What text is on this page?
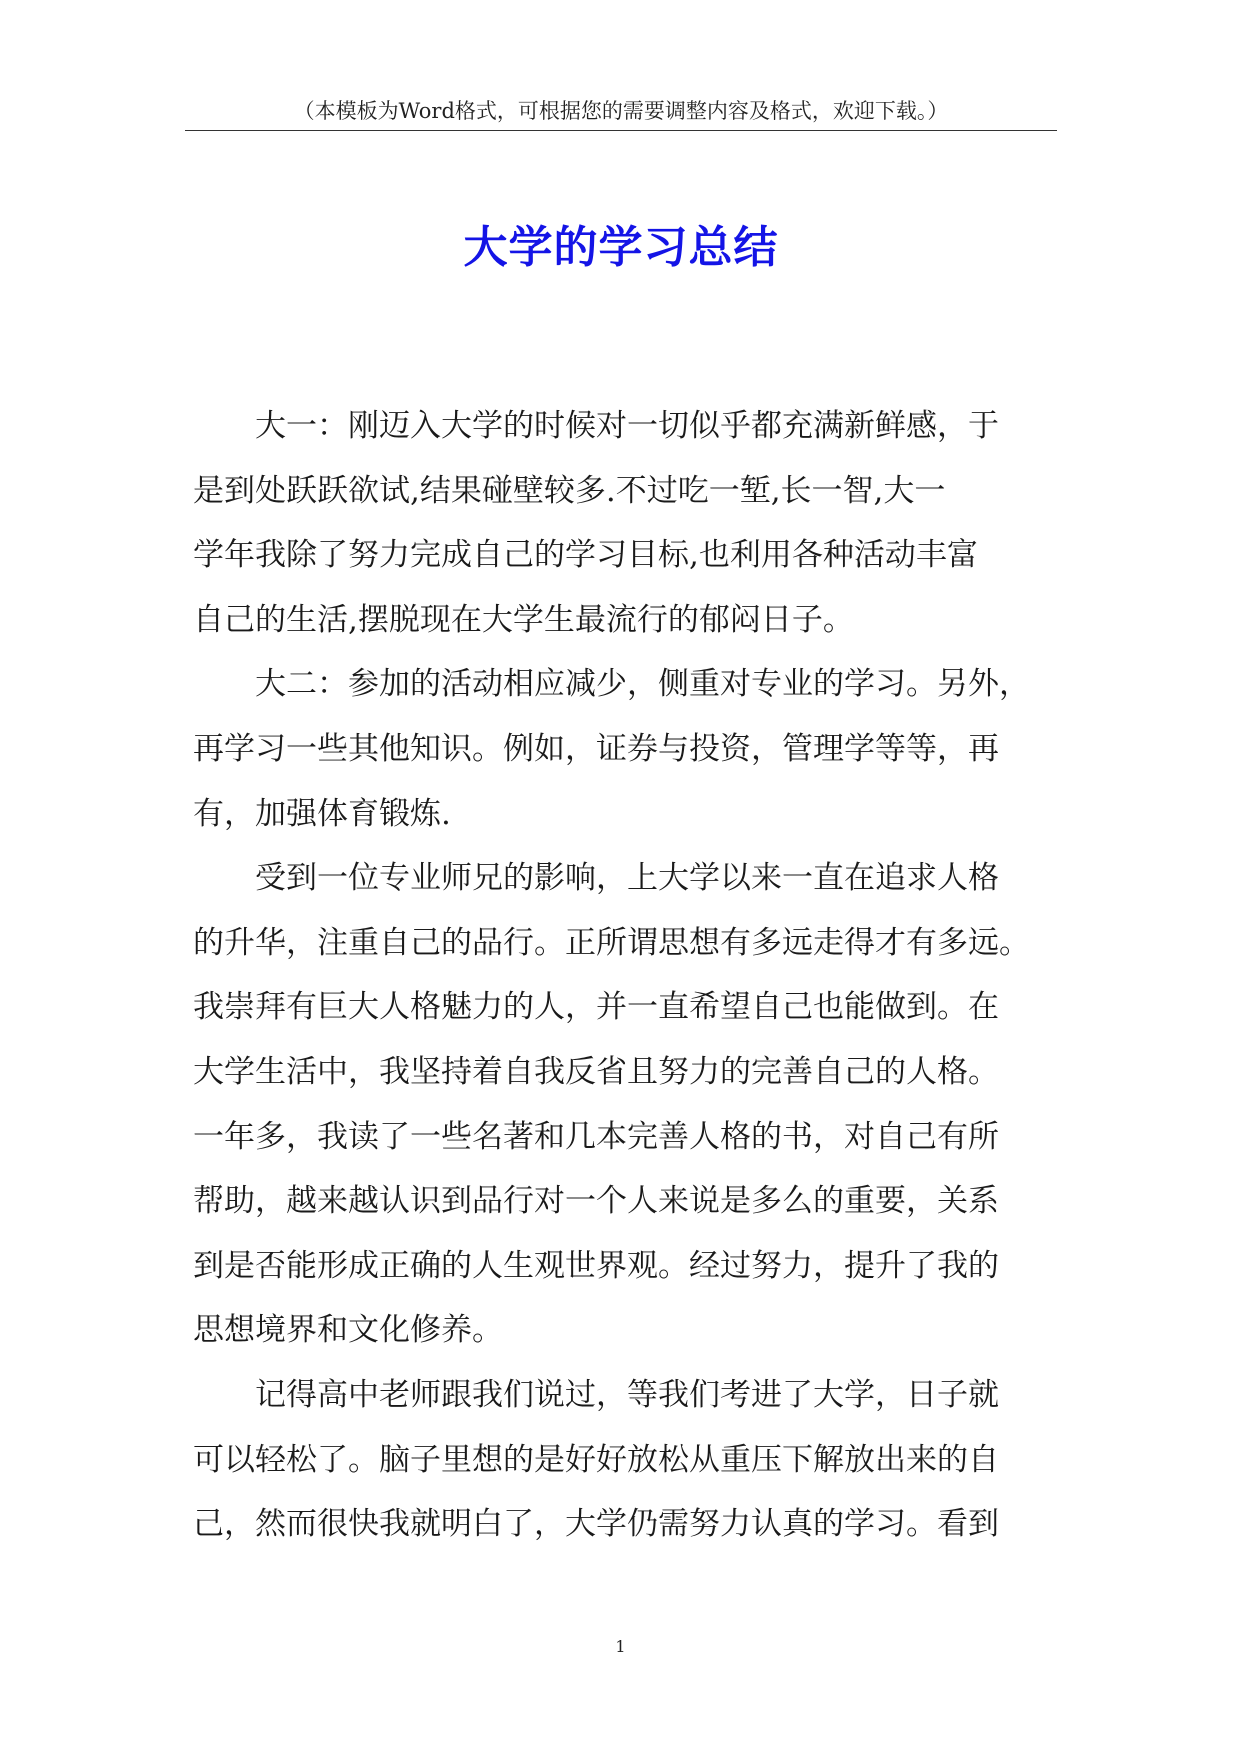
（本模板为Word格式，可根据您的需要调整内容及格式，欢迎下载。）
大学的学习总结
大一：刚迈入大学的时候对一切似乎都充满新鲜感，于
是到处跃跃欲试,结果碰壁较多.不过吃一堑,长一智,大一
学年我除了努力完成自己的学习目标,也利用各种活动丰富
自己的生活,摆脱现在大学生最流行的郁闷日子。
大二：参加的活动相应减少，侧重对专业的学习。另外，
再学习一些其他知识。例如，证券与投资，管理学等等，再
有，加强体育锻炼.
受到一位专业师兄的影响，上大学以来一直在追求人格
的升华，注重自己的品行。正所谓思想有多远走得才有多远。
我崇拜有巨大人格魅力的人，并一直希望自己也能做到。在
大学生活中，我坚持着自我反省且努力的完善自己的人格。
一年多，我读了一些名著和几本完善人格的书，对自己有所
帮助，越来越认识到品行对一个人来说是多么的重要，关系
到是否能形成正确的人生观世界观。经过努力，提升了我的
思想境界和文化修养。
记得高中老师跟我们说过，等我们考进了大学，日子就
可以轻松了。脑子里想的是好好放松从重压下解放出来的自
己，然而很快我就明白了，大学仍需努力认真的学习。看到
1
